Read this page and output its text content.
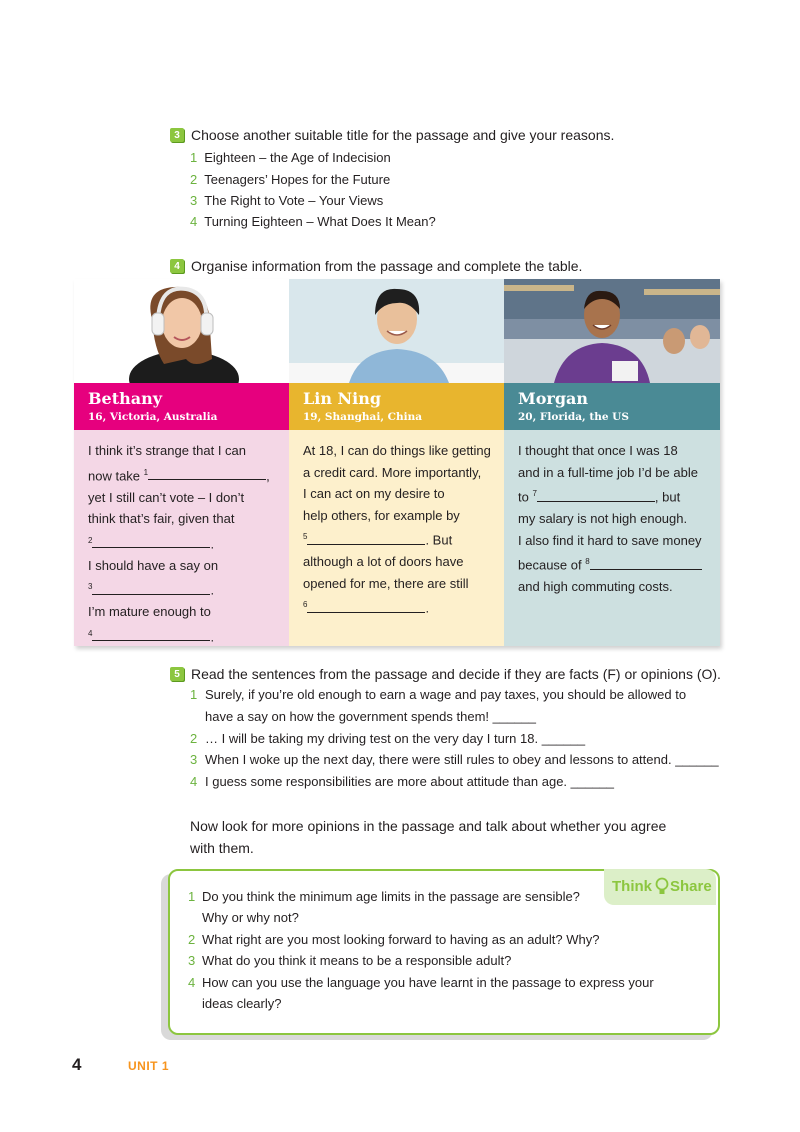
3 Choose another suitable title for the passage and give your reasons.
1 Eighteen – the Age of Indecision
2 Teenagers’ Hopes for the Future
3 The Right to Vote – Your Views
4 Turning Eighteen – What Does It Mean?
4 Organise information from the passage and complete the table.
Bethany
16, Victoria, Australia
I think it’s strange that I can
now take $^1$	,
yet I still can’t vote – I don’t
think that’s fair, given that
$^2$	.
I should have a say on
$^3$	.
I’m mature enough to
$^4$	.
Lin Ning
19, Shanghai, China
At 18, I can do things like getting
a credit card. More importantly,
I can act on my desire to
help others, for example by
$^5$	. But
although a lot of doors have
opened for me, there are still
$^6$	.
Morgan
20, Florida, the US
I thought that once I was 18
and in a full-time job I’d be able
to $^7$	, but
my salary is not high enough.
I also find it hard to save money
because of $^8$
and high commuting costs.
5 Read the sentences from the passage and decide if they are facts (F) or opinions (O).
1 Surely, if you’re old enough to earn a wage and pay taxes, you should be allowed to
have a say on how the government spends them! ______
2 … I will be taking my driving test on the very day I turn 18. ______
3 When I woke up the next day, there were still rules to obey and lessons to attend. ______
4 I guess some responsibilities are more about attitude than age. ______
Now look for more opinions in the passage and talk about whether you agree
with them.
Think Share
1 Do you think the minimum age limits in the passage are sensible?
Why or why not?
2 What right are you most looking forward to having as an adult? Why?
3 What do you think it means to be a responsible adult?
4 How can you use the language you have learnt in the passage to express your
ideas clearly?
4	UNIT 1
